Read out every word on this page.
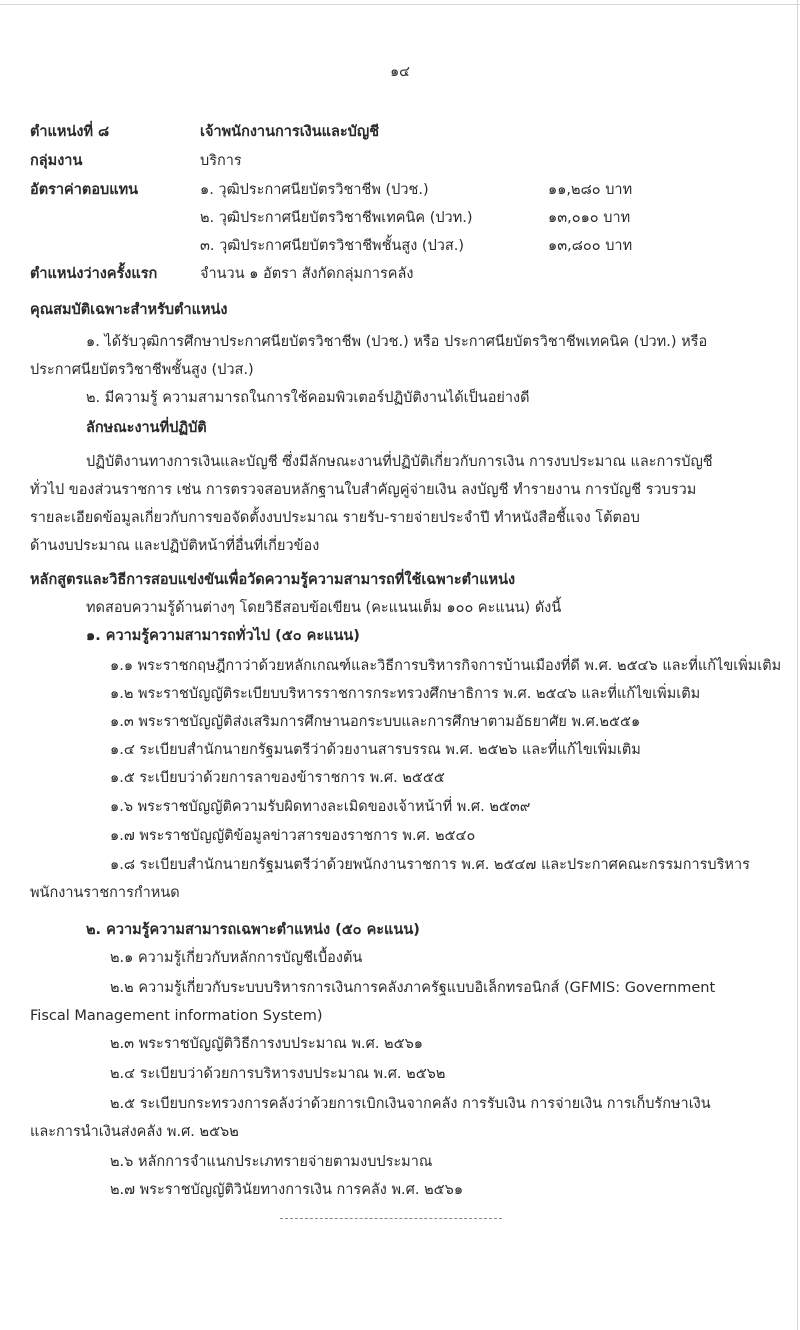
๑๔
ตำแหน่งที่ ๘	เจ้าพนักงานการเงินและบัญชี
กลุ่มงาน	บริการ
อัตราค่าตอบแทน	๑. วุฒิประกาศนียบัตรวิชาชีพ (ปวช.)	๑๑,๒๘๐ บาท
๒. วุฒิประกาศนียบัตรวิชาชีพเทคนิค (ปวท.)	๑๓,๐๑๐ บาท
๓. วุฒิประกาศนียบัตรวิชาชีพชั้นสูง (ปวส.)	๑๓,๘๐๐ บาท
ตำแหน่งว่างครั้งแรก	จำนวน ๑ อัตรา สังกัดกลุ่มการคลัง
คุณสมบัติเฉพาะสำหรับตำแหน่ง
๑. ได้รับวุฒิการศึกษาประกาศนียบัตรวิชาชีพ (ปวช.) หรือ ประกาศนียบัตรวิชาชีพเทคนิค (ปวท.) หรือ
ประกาศนียบัตรวิชาชีพชั้นสูง (ปวส.)
๒. มีความรู้ ความสามารถในการใช้คอมพิวเตอร์ปฏิบัติงานได้เป็นอย่างดี
ลักษณะงานที่ปฏิบัติ
ปฏิบัติงานทางการเงินและบัญชี ซึ่งมีลักษณะงานที่ปฏิบัติเกี่ยวกับการเงิน การงบประมาณ และการบัญชี
ทั่วไป ของส่วนราชการ เช่น การตรวจสอบหลักฐานใบสำคัญคู่จ่ายเงิน ลงบัญชี ทำรายงาน การบัญชี รวบรวม
รายละเอียดข้อมูลเกี่ยวกับการขอจัดตั้งงบประมาณ รายรับ-รายจ่ายประจำปี ทำหนังสือชี้แจง โต้ตอบ
ด้านงบประมาณ และปฏิบัติหน้าที่อื่นที่เกี่ยวข้อง
หลักสูตรและวิธีการสอบแข่งขันเพื่อวัดความรู้ความสามารถที่ใช้เฉพาะตำแหน่ง
ทดสอบความรู้ด้านต่างๆ โดยวิธีสอบข้อเขียน (คะแนนเต็ม ๑๐๐ คะแนน) ดังนี้
๑. ความรู้ความสามารถทั่วไป (๕๐ คะแนน)
๑.๑ พระราชกฤษฎีกาว่าด้วยหลักเกณฑ์และวิธีการบริหารกิจการบ้านเมืองที่ดี พ.ศ. ๒๕๔๖ และที่แก้ไขเพิ่มเติม
๑.๒ พระราชบัญญัติระเบียบบริหารราชการกระทรวงศึกษาธิการ พ.ศ. ๒๕๔๖ และที่แก้ไขเพิ่มเติม
๑.๓ พระราชบัญญัติส่งเสริมการศึกษานอกระบบและการศึกษาตามอัธยาศัย พ.ศ.๒๕๕๑
๑.๔ ระเบียบสำนักนายกรัฐมนตรีว่าด้วยงานสารบรรณ พ.ศ. ๒๕๒๖ และที่แก้ไขเพิ่มเติม
๑.๕ ระเบียบว่าด้วยการลาของข้าราชการ พ.ศ. ๒๕๕๕
๑.๖ พระราชบัญญัติความรับผิดทางละเมิดของเจ้าหน้าที่ พ.ศ. ๒๕๓๙
๑.๗ พระราชบัญญัติข้อมูลข่าวสารของราชการ พ.ศ. ๒๕๔๐
๑.๘ ระเบียบสำนักนายกรัฐมนตรีว่าด้วยพนักงานราชการ พ.ศ. ๒๕๔๗ และประกาศคณะกรรมการบริหาร
พนักงานราชการกำหนด
๒. ความรู้ความสามารถเฉพาะตำแหน่ง (๕๐ คะแนน)
๒.๑ ความรู้เกี่ยวกับหลักการบัญชีเบื้องต้น
๒.๒ ความรู้เกี่ยวกับระบบบริหารการเงินการคลังภาครัฐแบบอิเล็กทรอนิกส์ (GFMIS: Government
Fiscal Management information System)
๒.๓ พระราชบัญญัติวิธีการงบประมาณ พ.ศ. ๒๕๖๑
๒.๔ ระเบียบว่าด้วยการบริหารงบประมาณ พ.ศ. ๒๕๖๒
๒.๕ ระเบียบกระทรวงการคลังว่าด้วยการเบิกเงินจากคลัง การรับเงิน การจ่ายเงิน การเก็บรักษาเงิน
และการนำเงินส่งคลัง พ.ศ. ๒๕๖๒
๒.๖ หลักการจำแนกประเภทรายจ่ายตามงบประมาณ
๒.๗ พระราชบัญญัติวินัยทางการเงิน การคลัง พ.ศ. ๒๕๖๑
